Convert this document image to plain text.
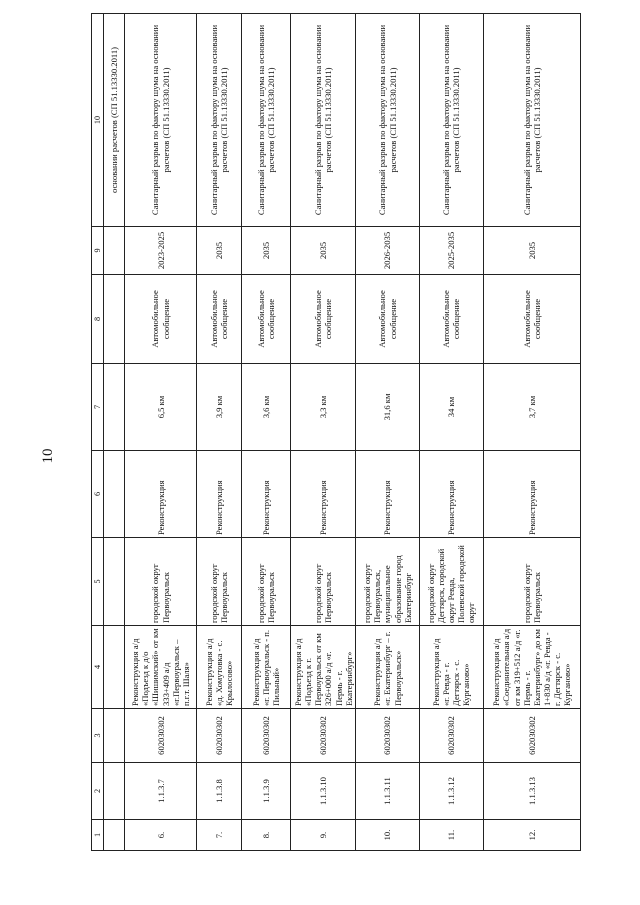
10
1	2	3	4	5	6	7	8	9	10
									основании расчетов (СП 51.13330.2011)
6.	1.1.3.7	602030302	Реконструкция а/д «Подъезд к д/о «Шишимский» от км 333+409 а/д «г.Первоуральск – п.г.т. Шаля»	городской округ Первоуральск	Реконструкция	6,5 км	Автомобильное сообщение	2023-2025	Санитарный разрыв по фактору шума на основании расчетов (СП 51.13330.2011)
7.	1.1.3.8	602030302	Реконструкция а/д «д. Хомутовка - с. Крылосово»	городской округ Первоуральск	Реконструкция	3,9 км	Автомобильное сообщение	2035	Санитарный разрыв по фактору шума на основании расчетов (СП 51.13330.2011)
8.	1.1.3.9	602030302	Реконструкция а/д «г. Первоуральск - п. Пильный»	городской округ Первоуральск	Реконструкция	3,6 км	Автомобильное сообщение	2035	Санитарный разрыв по фактору шума на основании расчетов (СП 51.13330.2011)
9.	1.1.3.10	602030302	Реконструкция а/д «Подъезд к г. Первоуральск от км 326+000 а/д «г. Пермь - г. Екатеринбург»	городской округ Первоуральск	Реконструкция	3,3 км	Автомобильное сообщение	2035	Санитарный разрыв по фактору шума на основании расчетов (СП 51.13330.2011)
10.	1.1.3.11	602030302	Реконструкция а/д «г. Екатеринбург – г. Первоуральск»	городской округ Первоуральск, муниципальное образование город Екатеринбург	Реконструкция	31,6 км	Автомобильное сообщение	2026-2035	Санитарный разрыв по фактору шума на основании расчетов (СП 51.13330.2011)
11.	1.1.3.12	602030302	Реконструкция а/д «г. Ревда - г. Дегтярск - с. Курганово»	городской округ Дегтярск, городской округ Ревда, Полевской городской округ	Реконструкция	34 км	Автомобильное сообщение	2025-2035	Санитарный разрыв по фактору шума на основании расчетов (СП 51.13330.2011)
12.	1.1.3.13	602030302	Реконструкция а/д «Соединительная а/д от км 319+512 а/д «г. Пермь - г. Екатеринбург» до км 1+830 а/д «г. Ревда - г. Дегтярск - с. Курганово»	городской округ Первоуральск	Реконструкция	3,7 км	Автомобильное сообщение	2035	Санитарный разрыв по фактору шума на основании расчетов (СП 51.13330.2011)
